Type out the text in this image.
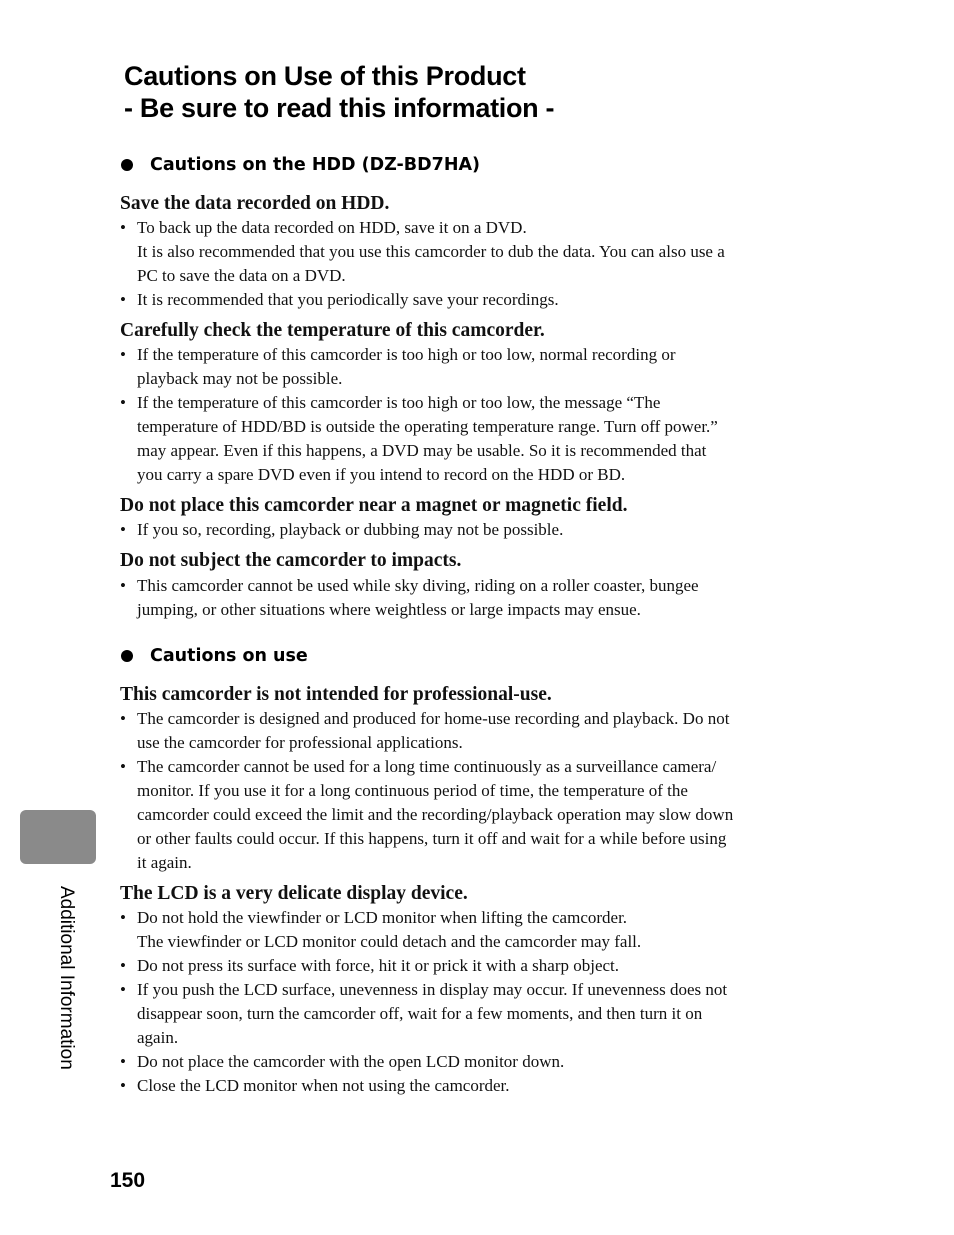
Cautions on Use of this Product
- Be sure to read this information -
Cautions on the HDD (DZ-BD7HA)
Save the data recorded on HDD.
• To back up the data recorded on HDD, save it on a DVD.
It is also recommended that you use this camcorder to dub the data. You can also use a
PC to save the data on a DVD.
• It is recommended that you periodically save your recordings.
Carefully check the temperature of this camcorder.
• If the temperature of this camcorder is too high or too low, normal recording or
playback may not be possible.
• If the temperature of this camcorder is too high or too low, the message “The
temperature of HDD/BD is outside the operating temperature range. Turn off power.”
may appear. Even if this happens, a DVD may be usable. So it is recommended that
you carry a spare DVD even if you intend to record on the HDD or BD.
Do not place this camcorder near a magnet or magnetic field.
• If you so, recording, playback or dubbing may not be possible.
Do not subject the camcorder to impacts.
• This camcorder cannot be used while sky diving, riding on a roller coaster, bungee
jumping, or other situations where weightless or large impacts may ensue.
Cautions on use
This camcorder is not intended for professional-use.
• The camcorder is designed and produced for home-use recording and playback. Do not
use the camcorder for professional applications.
• The camcorder cannot be used for a long time continuously as a surveillance camera/
monitor. If you use it for a long continuous period of time, the temperature of the
camcorder could exceed the limit and the recording/playback operation may slow down
or other faults could occur. If this happens, turn it off and wait for a while before using
it again.
The LCD is a very delicate display device.
• Do not hold the viewfinder or LCD monitor when lifting the camcorder.
The viewfinder or LCD monitor could detach and the camcorder may fall.
• Do not press its surface with force, hit it or prick it with a sharp object.
• If you push the LCD surface, unevenness in display may occur. If unevenness does not
disappear soon, turn the camcorder off, wait for a few moments, and then turn it on
again.
• Do not place the camcorder with the open LCD monitor down.
• Close the LCD monitor when not using the camcorder.
Additional Information
150
